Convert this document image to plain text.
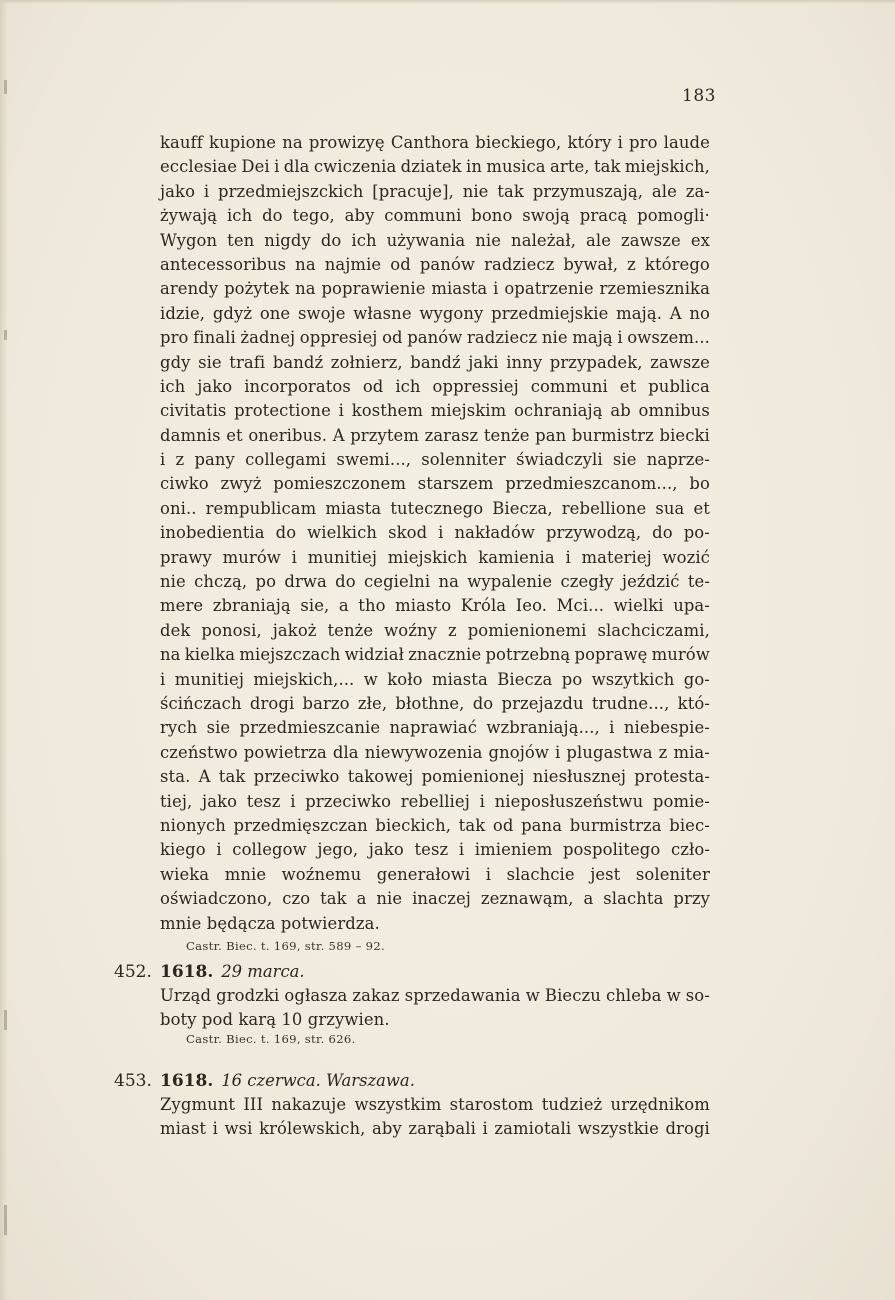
183
kauff kupione na prowizyę Canthora bieckiego, który i pro laude
ecclesiae Dei i dla cwiczenia dziatek in musica arte, tak miejskich,
jako i przedmiejszckich [pracuje], nie tak przymuszają, ale za-
żywają ich do tego, aby communi bono swoją pracą pomogli·
Wygon ten nigdy do ich używania nie należał, ale zawsze ex
antecessoribus na najmie od panów radziecz bywał, z którego
arendy pożytek na poprawienie miasta i opatrzenie rzemiesznika
idzie, gdyż one swoje własne wygony przedmiejskie mają. A no
pro finali żadnej oppresiej od panów radziecz nie mają i owszem...
gdy sie trafi bandź zołnierz, bandź jaki inny przypadek, zawsze
ich jako incorporatos od ich oppressiej communi et publica
civitatis protectione i kosthem miejskim ochraniają ab omnibus
damnis et oneribus. A przytem zarasz tenże pan burmistrz biecki
i z pany collegami swemi..., solenniter świadczyli sie naprze-
ciwko zwyż pomieszczonem starszem przedmieszcanom..., bo
oni.. rempublicam miasta tutecznego Biecza, rebellione sua et
inobedientia do wielkich skod i nakładów przywodzą, do po-
prawy murów i munitiej miejskich kamienia i materiej wozić
nie chczą, po drwa do cegielni na wypalenie czegły jeździć te-
mere zbraniają sie, a tho miasto Króla Ieo. Mci... wielki upa-
dek ponosi, jakoż tenże woźny z pomienionemi slachciczami,
na kielka miejszczach widział znacznie potrzebną poprawę murów
i munitiej miejskich,... w koło miasta Biecza po wszytkich go-
ścińczach drogi barzo złe, błothne, do przejazdu trudne..., któ-
rych sie przedmieszcanie naprawiać wzbraniają..., i niebespie-
czeństwo powietrza dla niewywozenia gnojów i plugastwa z mia-
sta. A tak przeciwko takowej pomienionej niesłusznej protesta-
tiej, jako tesz i przeciwko rebelliej i nieposłuszeństwu pomie-
nionych przedmięszczan bieckich, tak od pana burmistrza biec-
kiego i collegow jego, jako tesz i imieniem pospolitego czło-
wieka mnie woźnemu generałowi i slachcie jest soleniter
oświadczono, czo tak a nie inaczej zeznawąm, a slachta przy
mnie będącza potwierdza.
Castr. Biec. t. 169, str. 589 – 92.
452. 1618. 29 marca.
Urząd grodzki ogłasza zakaz sprzedawania w Bieczu chleba w so-
boty pod karą 10 grzywien.
Castr. Biec. t. 169, str. 626.
453. 1618. 16 czerwca. Warszawa.
Zygmunt III nakazuje wszystkim starostom tudzież urzędnikom
miast i wsi królewskich, aby zarąbali i zamiotali wszystkie drogi
